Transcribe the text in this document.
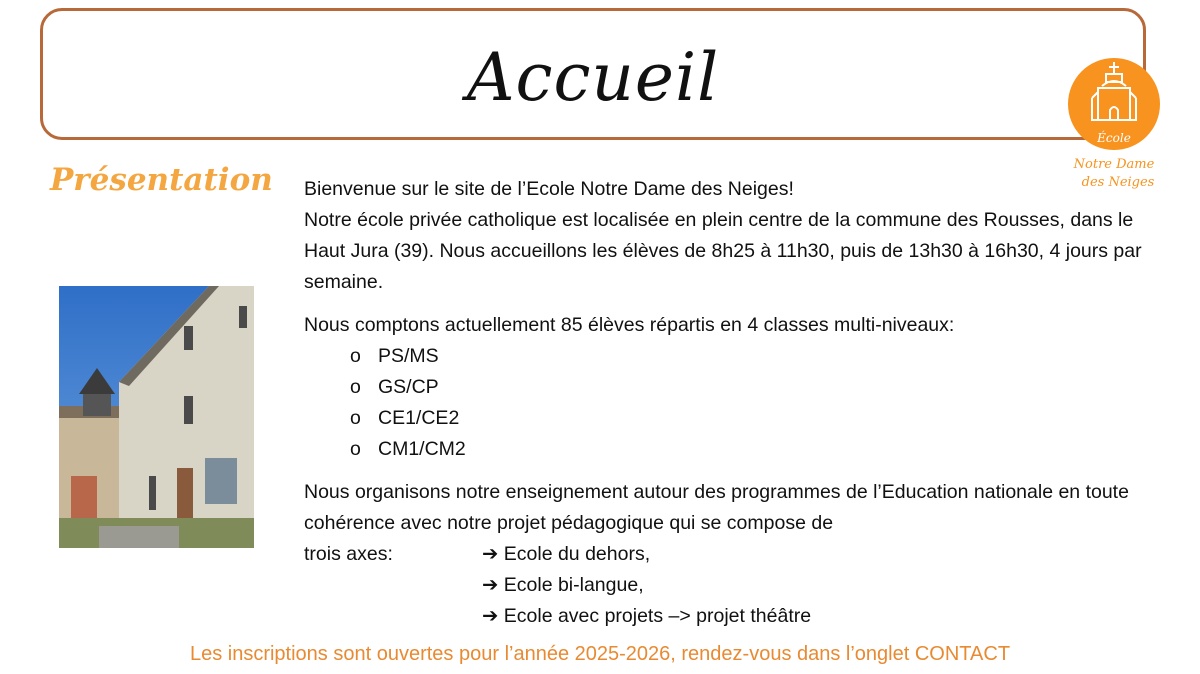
Accueil
École
Notre Dame
des Neiges
Présentation Bienvenue sur le site de l’Ecole Notre Dame des Neiges!

Notre école privée catholique est localisée en plein centre de la commune des Rousses, dans le Haut Jura (39). Nous accueillons les élèves de 8h25 à 11h30, puis de 13h30 à 16h30, 4 jours par semaine.

Nous comptons actuellement 85 élèves répartis en 4 classes multi-niveaux:

o PS/MS
o GS/CP
o CE1/CE2
o CM1/CM2

Nous organisons notre enseignement autour des programmes de l’Education nationale en toute cohérence avec notre projet pédagogique qui se compose de

trois axes:	➔ Ecole du dehors,
➔ Ecole bi-langue,
➔ Ecole avec projets –> projet théâtre
Les inscriptions sont ouvertes pour l’année 2025-2026, rendez-vous dans l’onglet CONTACT
